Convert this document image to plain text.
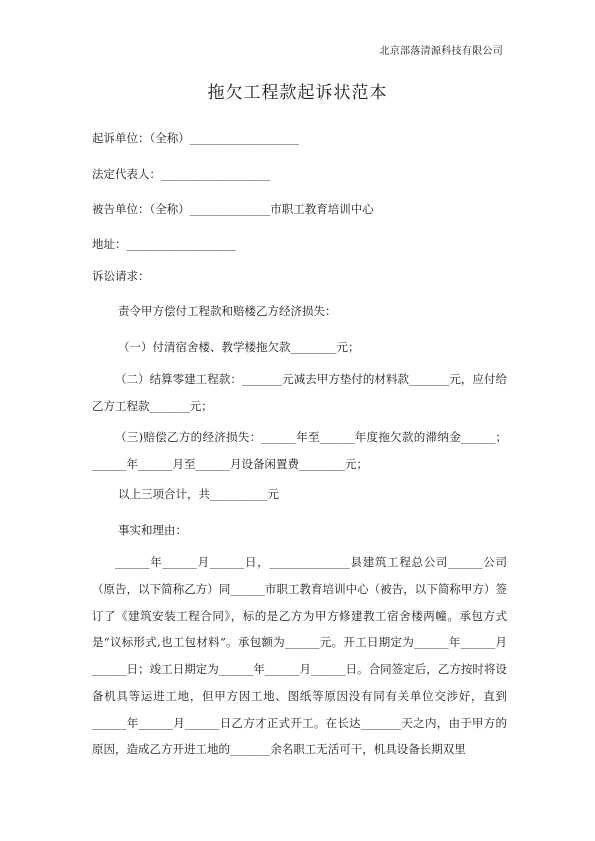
北京部落清源科技有限公司
拖欠工程款起诉状范本
起诉单位：（全称）___________________
法定代表人：___________________
被告单位：（全称）______________市职工教育培训中心
地址：___________________
诉讼请求：
责令甲方偿付工程款和赔楼乙方经济损失：
（一）付清宿舍楼、教学楼拖欠款________元；
（二）结算零建工程款：_______元减去甲方垫付的材料款_______元，应付给乙方工程款_______元；
（三)赔偿乙方的经济损失：______年至______年度拖欠款的滞纳金______；______年______月至______月设备闲置费________元；
以上三项合计，共__________元
事实和理由：
______年______月______日，______________县建筑工程总公司______公司（原告，以下简称乙方）同______市职工教育培训中心（被告，以下简称甲方）签订了《建筑安装工程合同》，标的是乙方为甲方修建教工宿舍楼两幢。承包方式是“议标形式,也工包材料”。承包额为______元。开工日期定为______年______月______日；竣工日期定为______年______月______日。合同签定后，乙方按时将设备机具等运进工地，但甲方因工地、图纸等原因没有同有关单位交涉好，直到______年______月______日乙方才正式开工。在长达_______天之内，由于甲方的原因，造成乙方开进工地的_______余名职工无活可干，机具设备长期双里
